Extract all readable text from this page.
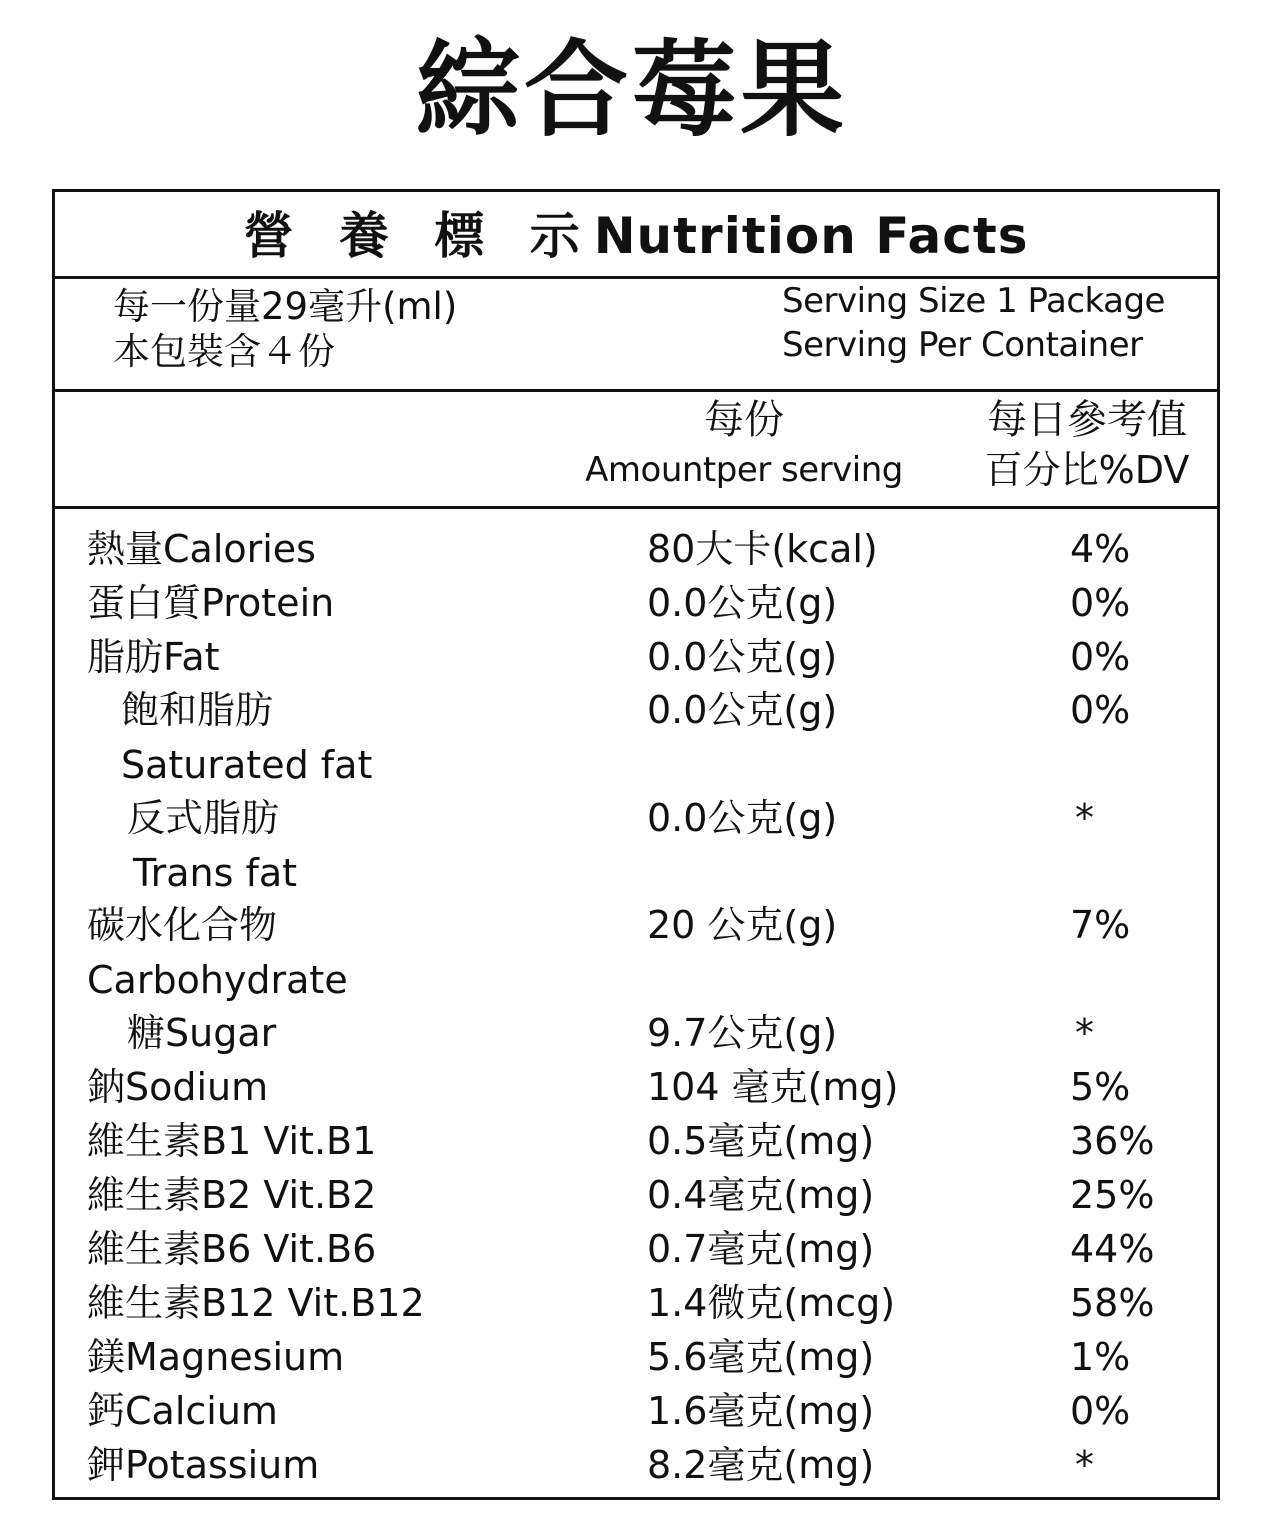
綜合莓果
營 養 標 示Nutrition Facts
每一份量29毫升(ml)
本包裝含４份
Serving Size 1 Package
Serving Per Container
每份
Amountper serving
每日參考值
百分比%DV
熱量Calories	80大卡(kcal)	4%
蛋白質Protein	0.0公克(g)	0%
脂肪Fat	0.0公克(g)	0%
飽和脂肪	0.0公克(g)	0%
Saturated fat
反式脂肪	0.0公克(g)	*
Trans fat
碳水化合物	20 公克(g)	7%
Carbohydrate
糖Sugar	9.7公克(g)	*
鈉Sodium	104 毫克(mg)	5%
維生素B1 Vit.B1	0.5毫克(mg)	36%
維生素B2 Vit.B2	0.4毫克(mg)	25%
維生素B6 Vit.B6	0.7毫克(mg)	44%
維生素B12 Vit.B12	1.4微克(mcg)	58%
鎂Magnesium	5.6毫克(mg)	1%
鈣Calcium	1.6毫克(mg)	0%
鉀Potassium	8.2毫克(mg)	*
